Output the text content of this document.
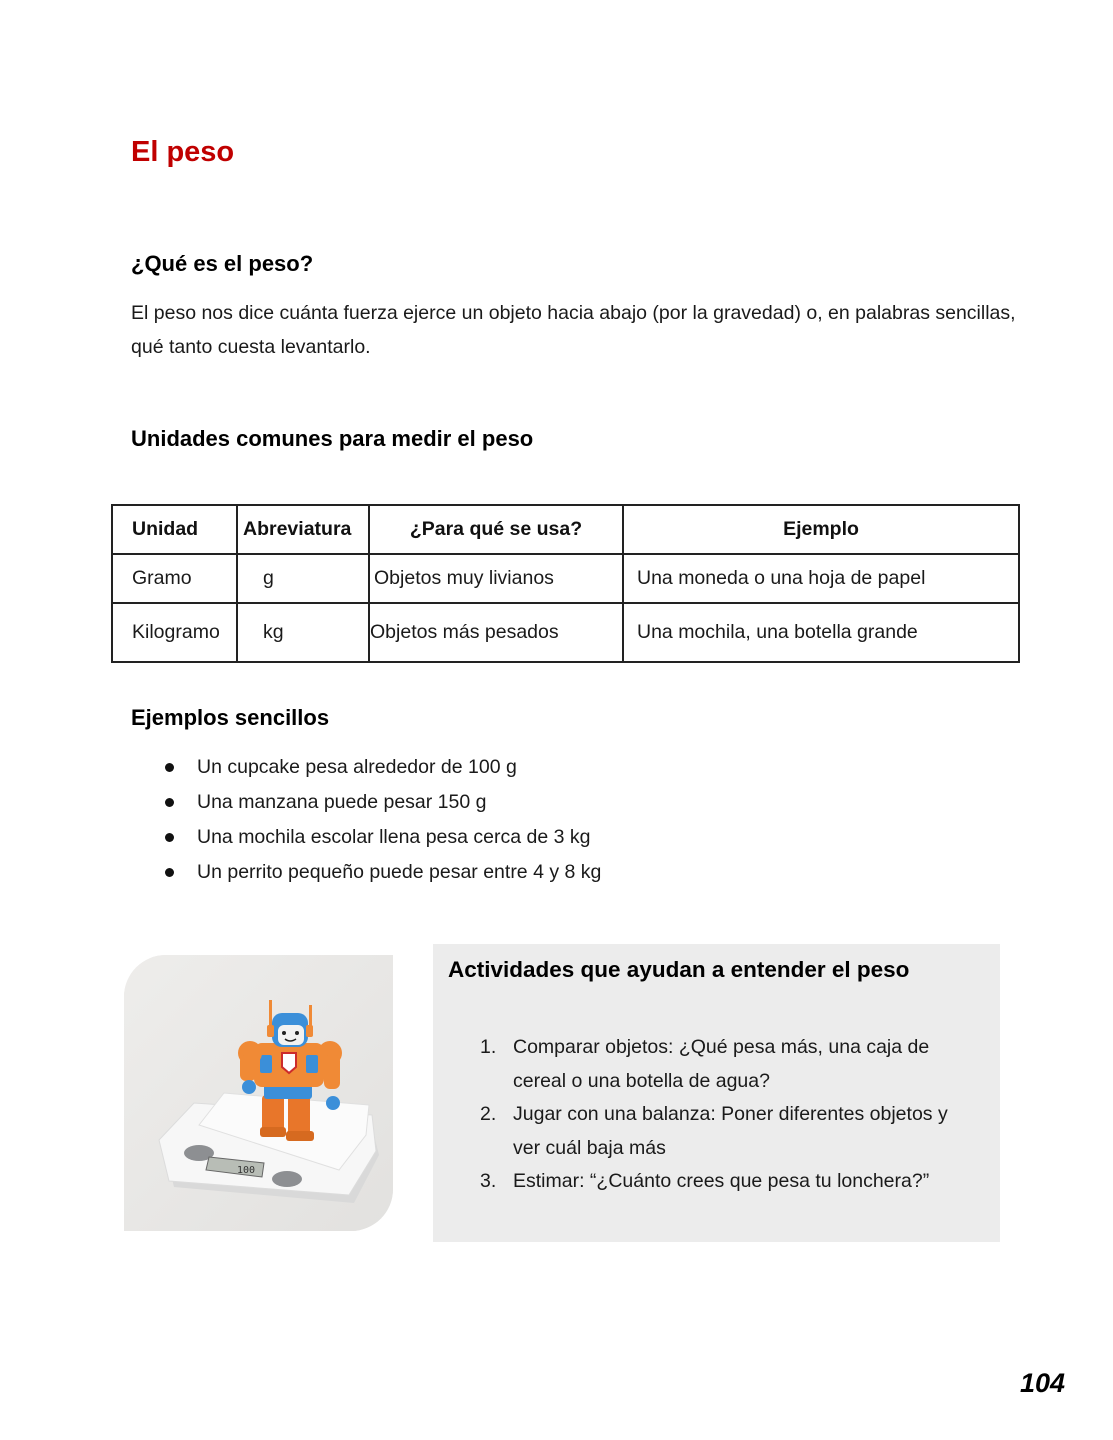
El peso
¿Qué es el peso?

El peso nos dice cuánta fuerza ejerce un objeto hacia abajo (por la gravedad) o, en palabras sencillas, qué tanto cuesta levantarlo.

Unidades comunes para medir el peso
Unidad	Abreviatura	¿Para qué se usa?	Ejemplo
Gramo	g	Objetos muy livianos	Una moneda o una hoja de papel
Kilogramo	kg	Objetos más pesados	Una mochila, una botella grande
Ejemplos sencillos
Un cupcake pesa alrededor de 100 g
Una manzana puede pesar 150 g
Una mochila escolar llena pesa cerca de 3 kg
Un perrito pequeño puede pesar entre 4 y 8 kg
100
Actividades que ayudan a entender el peso
1. Comparar objetos: ¿Qué pesa más, una caja de cereal o una botella de agua?
2. Jugar con una balanza: Poner diferentes objetos y ver cuál baja más
3. Estimar: “¿Cuánto crees que pesa tu lonchera?”
104
